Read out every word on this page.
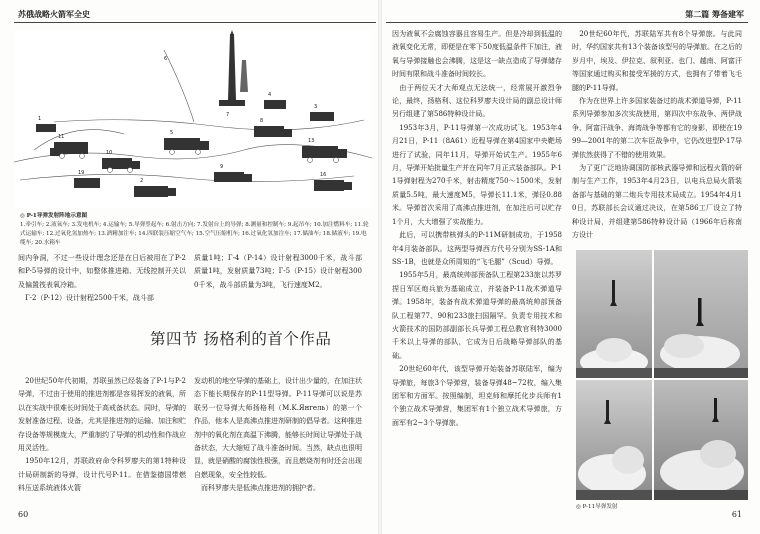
苏俄战略火箭军全史
7
11
10
5
8
13
16
2
9
4
3
1
19
6

◎ P-1导弹发射阵地示意图
1.牵引车; 2.液氧车; 3.发电机车; 4.运输车; 5.导弹竖起车; 6.射击方向; 7.发射台上的导弹; 8.测量和控制车; 9.起吊车; 10.加注燃料车; 11.轮式运输车; 12.过氧化氢加热车; 13.酒精加注车; 14.四联装压缩空气车; 15.空气压缩机车; 16.过氧化氢加注车; 17.储油车; 18.储液车; 19.电缆车; 20.水箱车

间内争洞，不过一些设计理念还是在日后被用在了P-2和P-5导弹的设计中，如整体推进箱、无线控制开关以及偏置筏表氧冷箱。
　Г-2（P-12）设计射程2500千米，战斗部

质量1吨；Г-4（P-14）设计射程3000千米，战斗部质量1吨，发射质量73吨；Г-5（P-15）设计射程3000千米，战斗部质量为3吨，飞行速度M2。

第四节 扬格利的首个作品

　20世纪50年代初期，苏联虽然已经装备了P-1与P-2导弹，不过由于使用的推进剂都是容易挥发的液氧，所以在实战中很难长时间处于高戒备状态。同时，导弹的发射准备过程、设备，尤其是推进剂的运输、加注和贮存设备等规模庞大，严重制约了导弹的机动性和作战应用灵活性。
　1950年12月，苏联政府命令科罗廖夫的第1特种设计局研制新的导弹，设计代号P-11。在借鉴德国带燃料压送系统液体火箭

发动机的地空导弹的基础上，设计出少量的，在加注状态下能长期保存的P-11型导弹。P-11导弹可以说是苏联另一位导弹大师扬格利（M.K.Янгель）的第一个作品，他本人是高沸点推进剂研制的倡导者。这种推进剂中的氧化剂在高温下沸腾，能够长时间让导弹处于战备状态，大大缩短了战斗准备时间。当然，缺点也很明显，就是硝酸的腐蚀性极强，而且燃烧剂有时还会出现自燃现象，安全性较低。
　而科罗廖夫是低沸点推进剂的拥护者。

60
第二篇 筹备建军

因为液氧不会腐蚀容器且容易生产。但是冷却到低温的液氧变化无常，即便是在零下50度低温条件下加注，液氧与导弹接触也会沸腾，这是这一缺点造成了导弹储存时间有限和战斗准备时间较长。
　由于两位天才大师观点无法统一，经常展开激烈争论，最终，扬格利、这位科罗廖夫设计局的副总设计师另行组建了第586特种设计局。
　1953年3月，P-11导弹第一次成功试飞。1953年4月21日，P-11（8A61）近程导弹在第4国家中央靶场进行了试验，同年11月，导弹开始试生产。1955年6月，导弹开始批量生产并在同年7月正式装备部队。P-11导弹射程为270千米，射击精度750～1500米，发射质量5.5吨，最大速度M5，导弹长11.1米，弹径0.88米。导弹首次采用了高沸点推进剂，在加注后可以贮存1个月，大大增强了实战能力。
　此后，可以携带核弹头的P-11M研制成功，于1958年4月装备部队。这两型导弹西方代号分别为SS-1A和SS-1B，也就是众所周知的“飞毛腿”（Scud）导弹。
　1955年5月，最高统帅部预备队工程第233旅以苏罗捏日军区炮兵旅为基础成立，并装备P-11战术弹道导弹。1958年，装备有战术弹道导弹的最高统帅部预备队工程第77、90和233旅扫国隔罕。负责专用技术和火箭技术的国防部副部长兵导弹工程总教官利特3000千米以上导弹的部队，它成为日后战略导弹部队的基础。
　20世纪60年代，该型导弹开始装备苏联陆军，编为导弹旅，每旅3个导弹营，装备导弹48~72枚，编入集团军和方面军。按照编制，坦克师和摩托化步兵师有1个独立战术导弹营，集团军有1个独立战术导弹旅，方面军有2~3个导弹旅。

　20世纪60年代，苏联陆军共有8个导弹旅。与此同时，华约国家共有13个装备该型号的导弹旅。在之后的岁月中，埃及、伊拉克、叙利亚、也门、越南、阿富汗等国家通过购买和接受军援的方式，也拥有了带着飞毛腿的P-11导弹。
　作为在世界上许多国家装备过的战术弹道导弹，P-11系列导弹参加多次实战使用，第四次中东战争、两伊战争、阿富汗战争、海湾战争等都有它的身影，即使在1999—2001年的第二次车臣战争中，它仍改进型P-17导弹依然获得了不错的使用效果。
　为了更广泛地协调国防部核武器导弹和远程火箭的研制与生产工作，1953年4月23日，以电兵总局火箭装备部与基础的第二炮兵专用技术局成立。1954年4月10日，苏联部长会议通过决议，在第586工厂设立了特种设计局，并组建第586特种设计局（1966年后称南方设计

◎ P-11导弹发射

61
